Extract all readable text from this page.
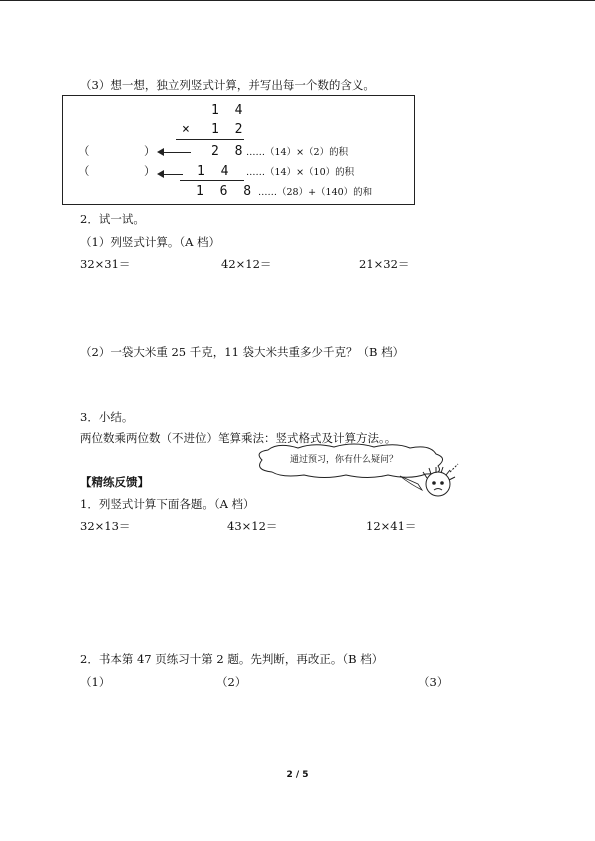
（3）想一想，独立列竖式计算，并写出每一个数的含义。
1 4
× 1 2
（	）	2 8 ……（14）×（2）的积
（	）	1 4 ……（14）×（10）的积
1 6 8 ……（28）+（140）的和
2．试一试。
（1）列竖式计算。（A 档）
32×31＝	42×12＝	21×32＝
（2）一袋大米重 25 千克，11 袋大米共重多少千克？（B 档）
3．小结。
两位数乘两位数（不进位）笔算乘法：竖式格式及计算方法。。
通过预习，你有什么疑问？
【精练反馈】
1．列竖式计算下面各题。（A 档）
32×13＝	43×12＝	12×41＝
2．书本第 47 页练习十第 2 题。先判断，再改正。（B 档）
（1）	（2）	（3）
2 / 5
